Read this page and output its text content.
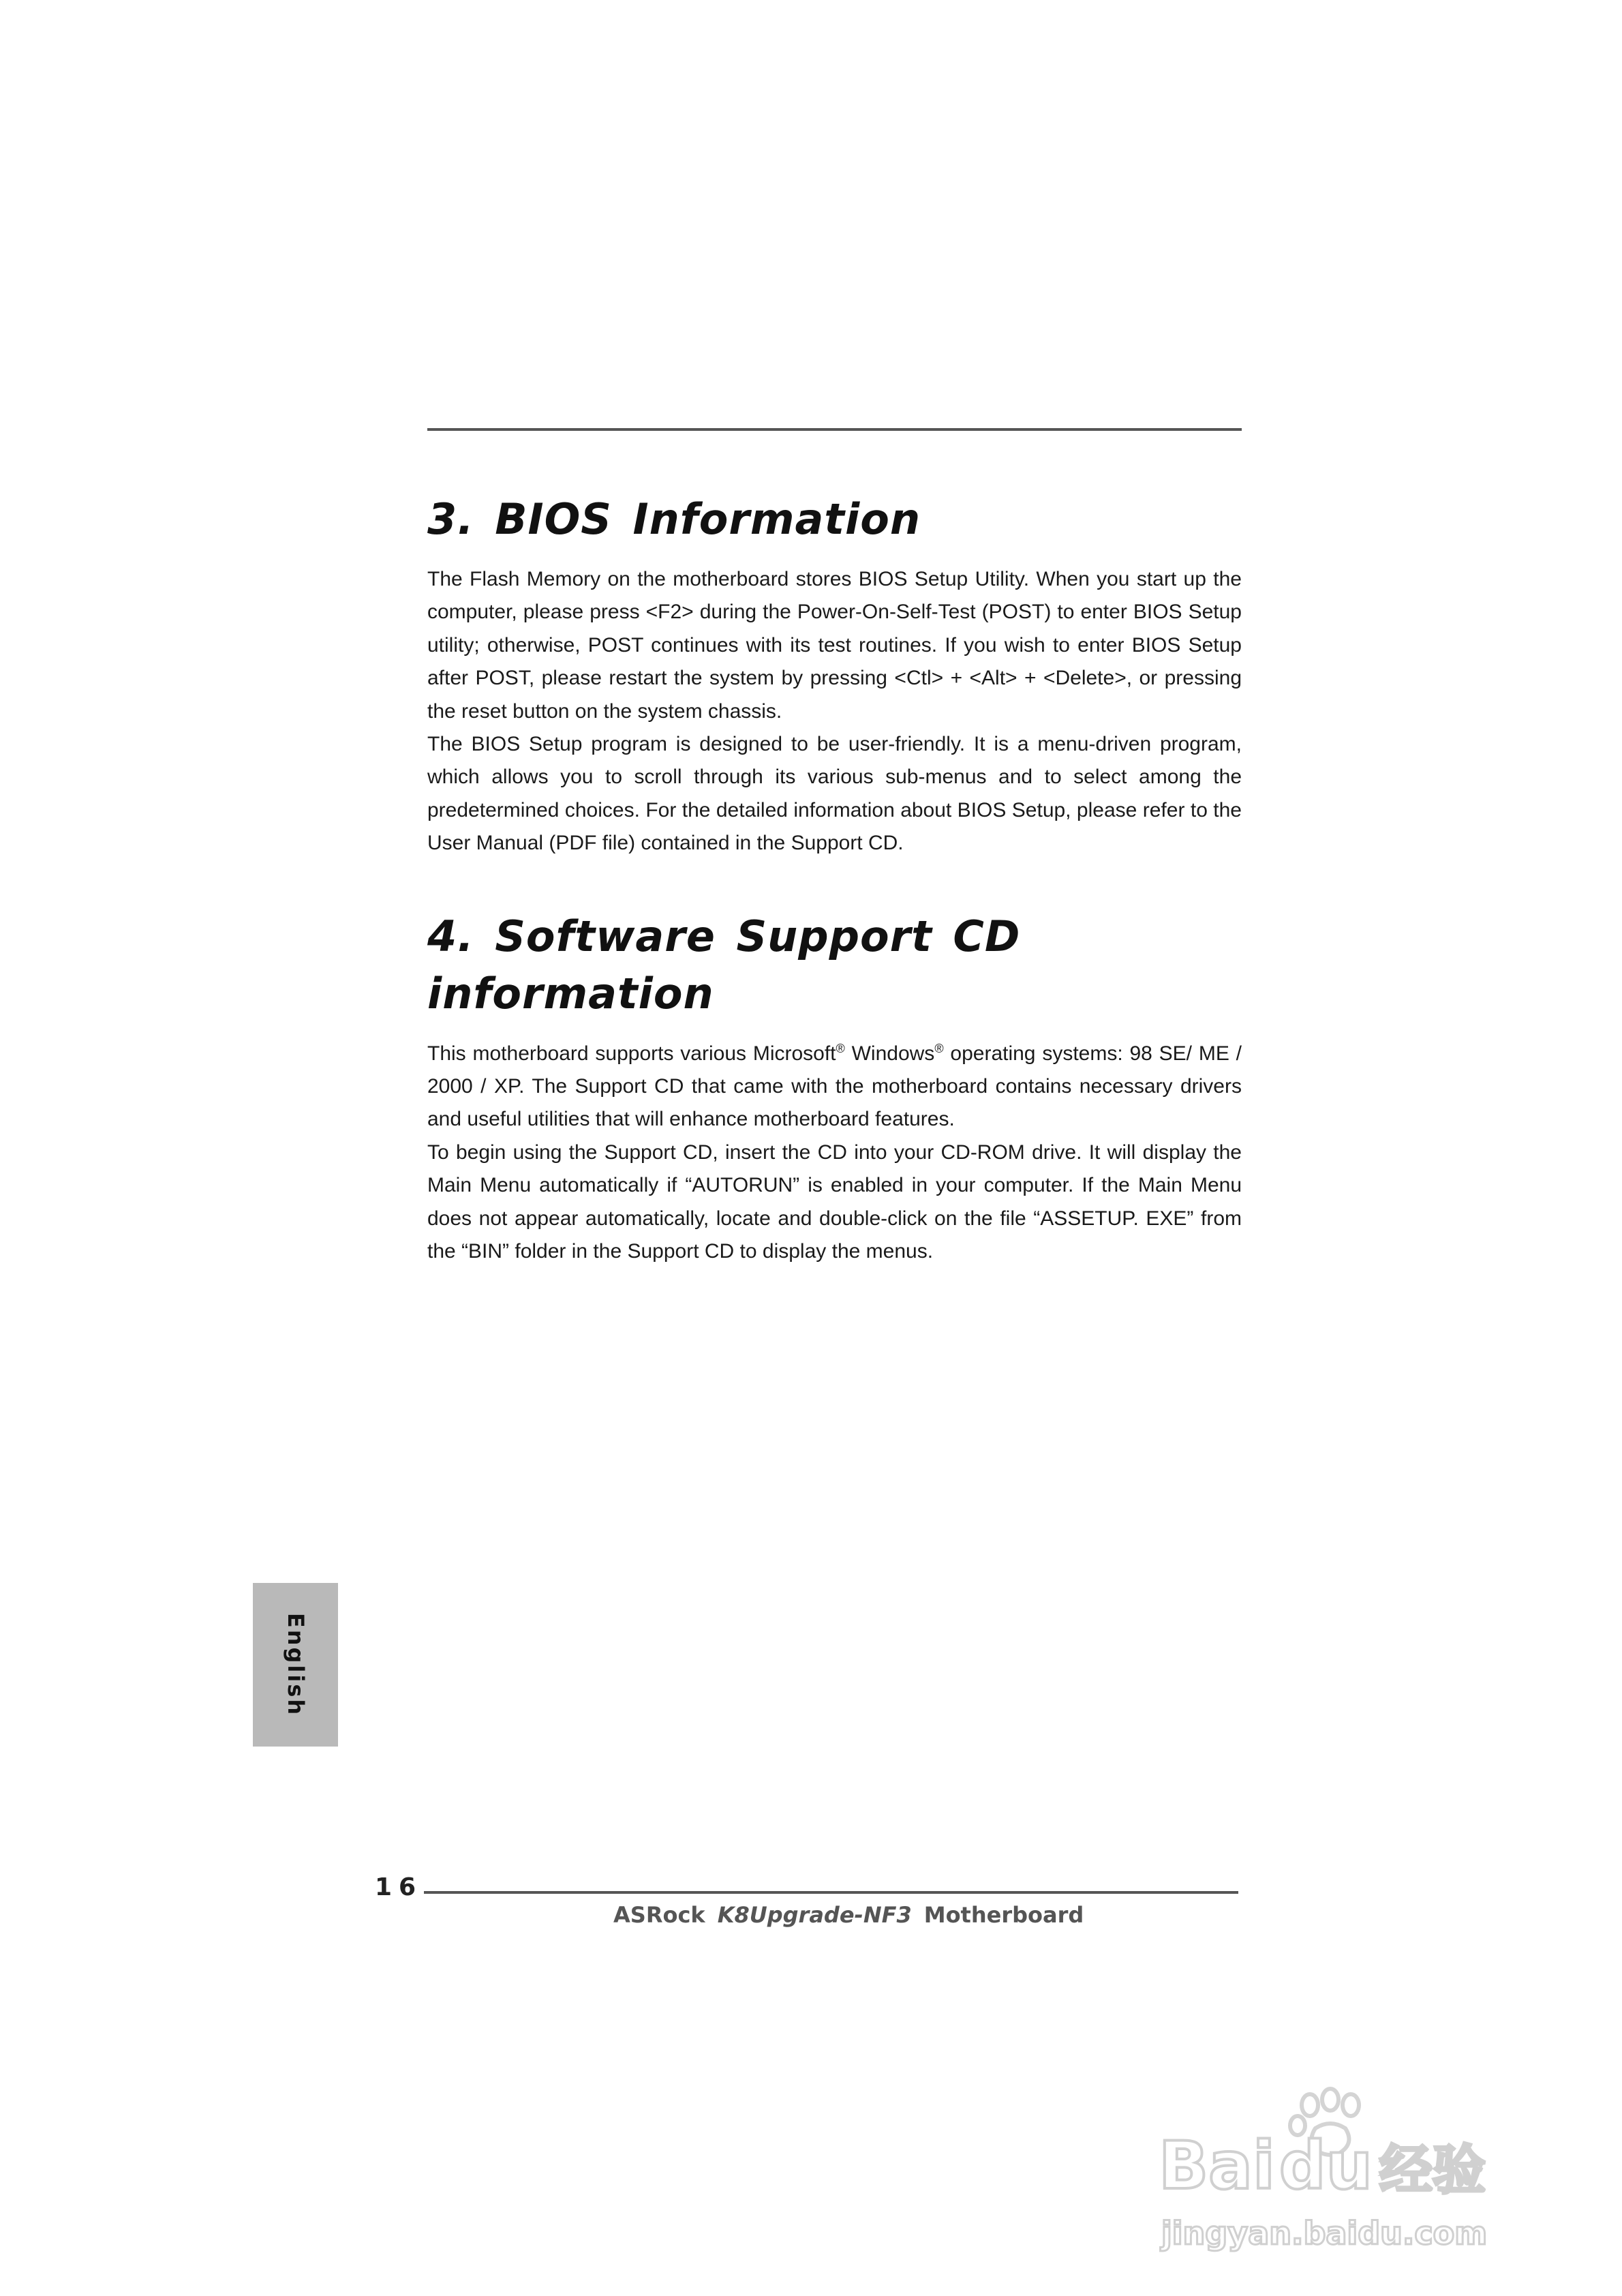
3. BIOS Information

The Flash Memory on the motherboard stores BIOS Setup Utility. When you start up the computer, please press <F2> during the Power-On-Self-Test (POST) to enter BIOS Setup utility; otherwise, POST continues with its test routines. If you wish to enter BIOS Setup after POST, please restart the system by pressing <Ctl> + <Alt> + <Delete>, or pressing the reset button on the system chassis.

The BIOS Setup program is designed to be user-friendly. It is a menu-driven program, which allows you to scroll through its various sub-menus and to select among the predetermined choices. For the detailed information about BIOS Setup, please refer to the User Manual (PDF file) contained in the Support CD.

4. Software Support CD information

This motherboard supports various Microsoft® Windows® operating systems: 98 SE/ ME / 2000 / XP. The Support CD that came with the motherboard contains necessary drivers and useful utilities that will enhance motherboard features.

To begin using the Support CD, insert the CD into your CD-ROM drive. It will display the Main Menu automatically if “AUTORUN” is enabled in your computer. If the Main Menu does not appear automatically, locate and double-click on the file “ASSETUP. EXE” from the “BIN” folder in the Support CD to display the menus.

English
16
ASRock K8Upgrade-NF3 Motherboard
Baidu 经验
jingyan.baidu.com
